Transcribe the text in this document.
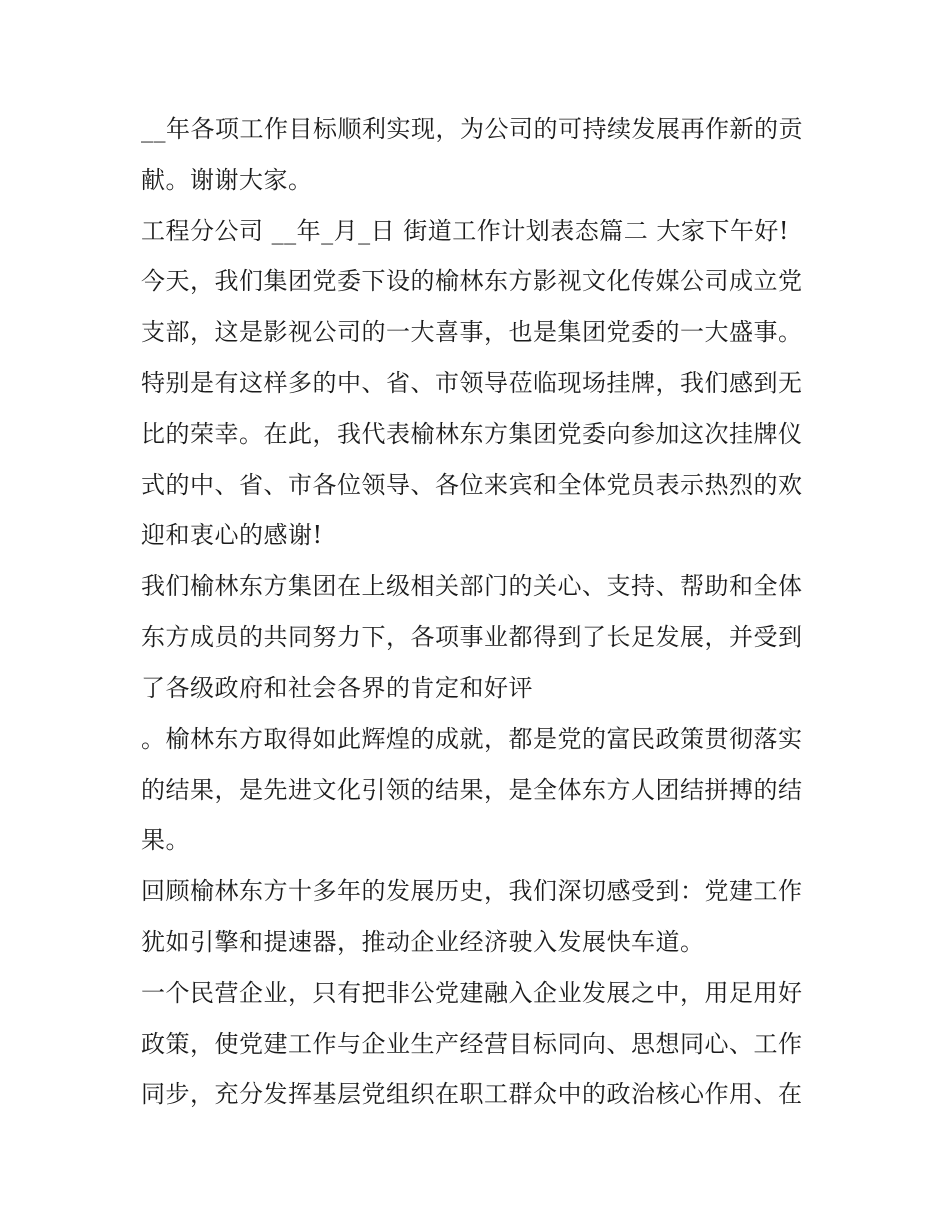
__年各项工作目标顺利实现，为公司的可持续发展再作新的贡
献。谢谢大家。
工程分公司 __年_月_日 街道工作计划表态篇二 大家下午好!
今天，我们集团党委下设的榆林东方影视文化传媒公司成立党
支部，这是影视公司的一大喜事，也是集团党委的一大盛事。
特别是有这样多的中、省、市领导莅临现场挂牌，我们感到无
比的荣幸。在此，我代表榆林东方集团党委向参加这次挂牌仪
式的中、省、市各位领导、各位来宾和全体党员表示热烈的欢
迎和衷心的感谢!
我们榆林东方集团在上级相关部门的关心、支持、帮助和全体
东方成员的共同努力下，各项事业都得到了长足发展，并受到
了各级政府和社会各界的肯定和好评
。榆林东方取得如此辉煌的成就，都是党的富民政策贯彻落实
的结果，是先进文化引领的结果，是全体东方人团结拼搏的结
果。
回顾榆林东方十多年的发展历史，我们深切感受到：党建工作
犹如引擎和提速器，推动企业经济驶入发展快车道。
一个民营企业，只有把非公党建融入企业发展之中，用足用好
政策，使党建工作与企业生产经营目标同向、思想同心、工作
同步，充分发挥基层党组织在职工群众中的政治核心作用、在
